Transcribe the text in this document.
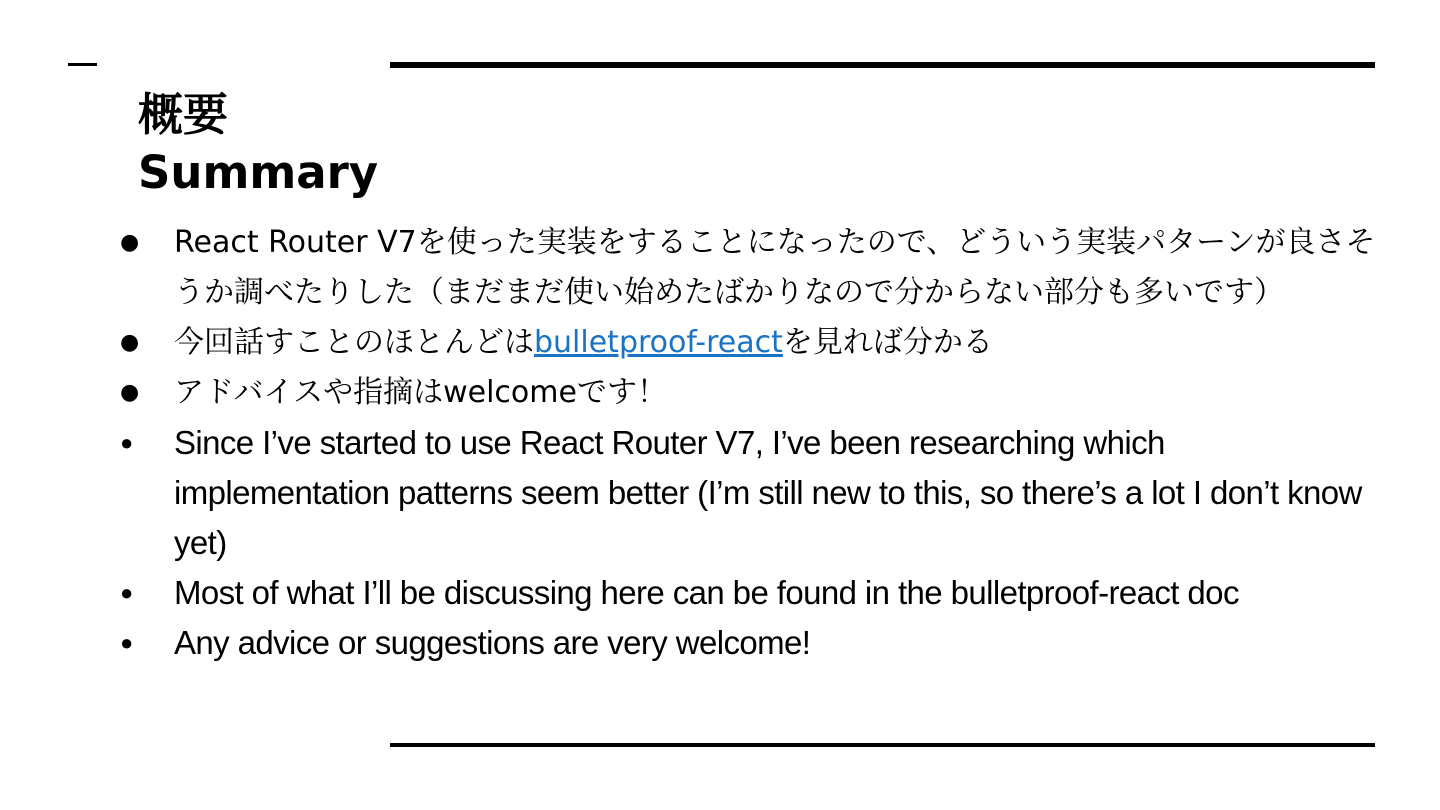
概要

Summary

● React Router V7を使った実装をすることになったので、どういう実装パターンが良さそうか調べたりした（まだまだ使い始めたばかりなので分からない部分も多いです）
● 今回話すことのほとんどはbulletproof-reactを見れば分かる
● アドバイスや指摘はwelcomeです！
● Since I’ve started to use React Router V7, I’ve been researching which implementation patterns seem better (I’m still new to this, so there’s a lot I don’t know yet)
● Most of what I’ll be discussing here can be found in the bulletproof-react doc
● Any advice or suggestions are very welcome!
